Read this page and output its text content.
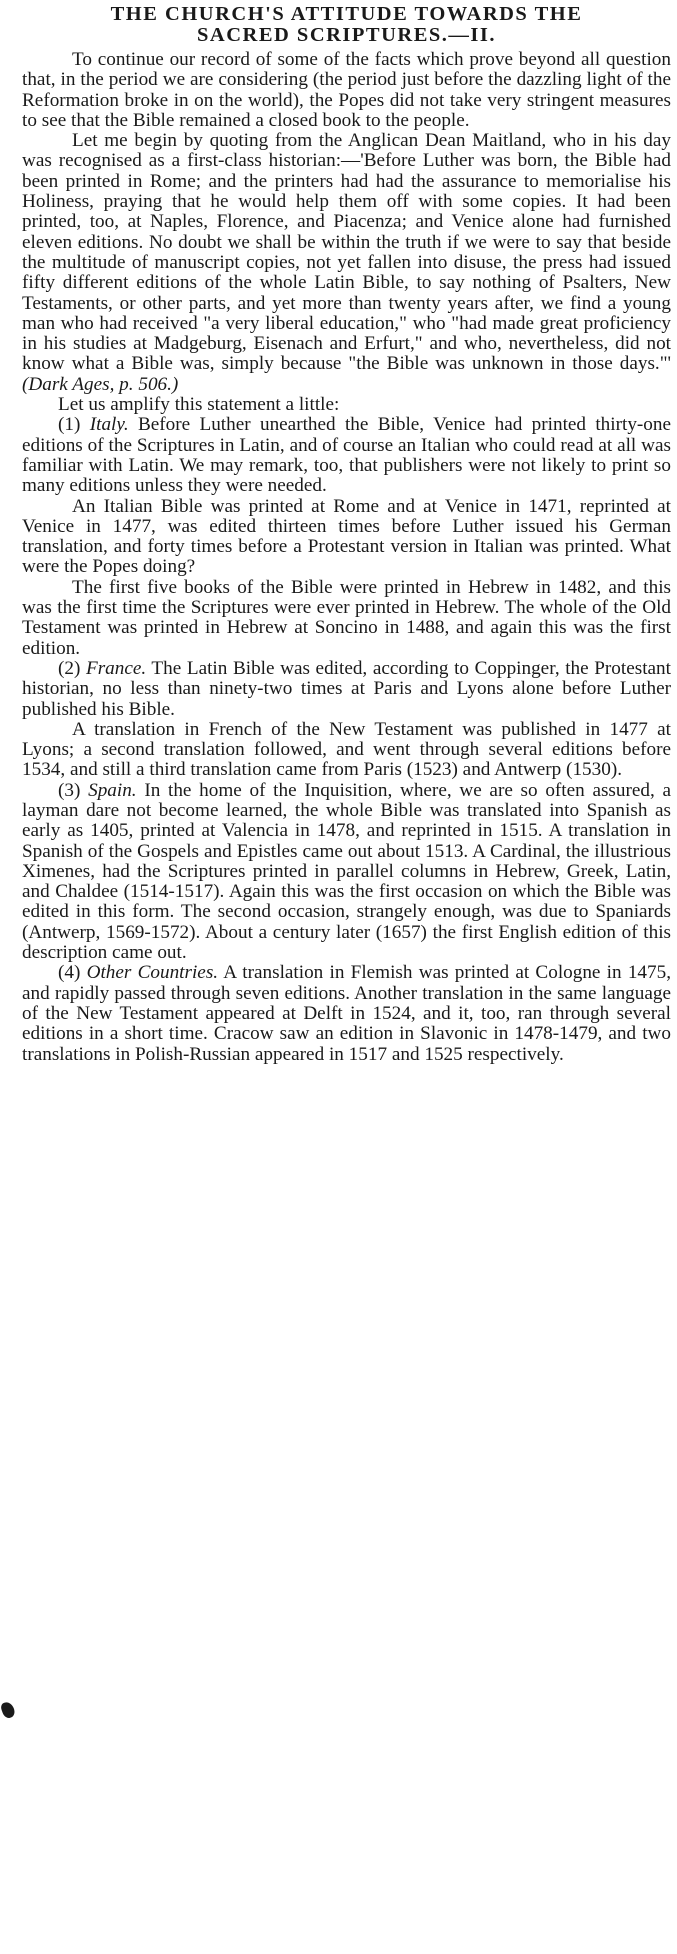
THE CHURCH'S ATTITUDE TOWARDS THE
SACRED SCRIPTURES.—II.

To continue our record of some of the facts which prove beyond all question that, in the period we are considering (the period just before the dazzling light of the Reformation broke in on the world), the Popes did not take very stringent measures to see that the Bible remained a closed book to the people.

Let me begin by quoting from the Anglican Dean Maitland, who in his day was recognised as a first-class historian:—'Before Luther was born, the Bible had been printed in Rome; and the printers had had the assurance to memorialise his Holiness, praying that he would help them off with some copies. It had been printed, too, at Naples, Florence, and Piacenza; and Venice alone had furnished eleven editions. No doubt we shall be within the truth if we were to say that beside the multitude of manuscript copies, not yet fallen into disuse, the press had issued fifty different editions of the whole Latin Bible, to say nothing of Psalters, New Testaments, or other parts, and yet more than twenty years after, we find a young man who had received "a very liberal education," who "had made great proficiency in his studies at Madgeburg, Eisenach and Erfurt," and who, nevertheless, did not know what a Bible was, simply because "the Bible was unknown in those days."' (Dark Ages, p. 506.)

Let us amplify this statement a little:

(1) Italy. Before Luther unearthed the Bible, Venice had printed thirty-one editions of the Scriptures in Latin, and of course an Italian who could read at all was familiar with Latin. We may remark, too, that publishers were not likely to print so many editions unless they were needed.

An Italian Bible was printed at Rome and at Venice in 1471, reprinted at Venice in 1477, was edited thirteen times before Luther issued his German translation, and forty times before a Protestant version in Italian was printed. What were the Popes doing?

The first five books of the Bible were printed in Hebrew in 1482, and this was the first time the Scriptures were ever printed in Hebrew. The whole of the Old Testament was printed in Hebrew at Soncino in 1488, and again this was the first edition.

(2) France. The Latin Bible was edited, according to Coppinger, the Protestant historian, no less than ninety-two times at Paris and Lyons alone before Luther published his Bible.

A translation in French of the New Testament was published in 1477 at Lyons; a second translation followed, and went through several editions before 1534, and still a third translation came from Paris (1523) and Antwerp (1530).

(3) Spain. In the home of the Inquisition, where, we are so often assured, a layman dare not become learned, the whole Bible was translated into Spanish as early as 1405, printed at Valencia in 1478, and reprinted in 1515. A translation in Spanish of the Gospels and Epistles came out about 1513. A Cardinal, the illustrious Ximenes, had the Scriptures printed in parallel columns in Hebrew, Greek, Latin, and Chaldee (1514-1517). Again this was the first occasion on which the Bible was edited in this form. The second occasion, strangely enough, was due to Spaniards (Antwerp, 1569-1572). About a century later (1657) the first English edition of this description came out.

(4) Other Countries. A translation in Flemish was printed at Cologne in 1475, and rapidly passed through seven editions. Another translation in the same language of the New Testament appeared at Delft in 1524, and it, too, ran through several editions in a short time. Cracow saw an edition in Slavonic in 1478-1479, and two translations in Polish-Russian appeared in 1517 and 1525 respectively.
